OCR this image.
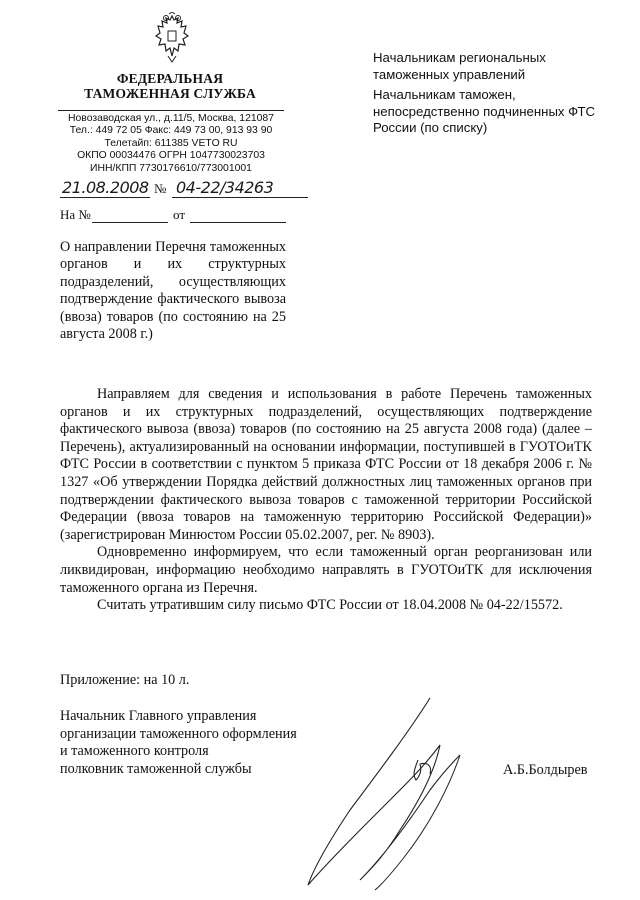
ФЕДЕРАЛЬНАЯ
ТАМОЖЕННАЯ СЛУЖБА
Новозаводская ул., д.11/5, Москва, 121087
Тел.: 449 72 05 Факс: 449 73 00, 913 93 90
Телетайп: 611385 VETO RU
ОКПО 00034476 ОГРН 1047730023703
ИНН/КПП 7730176610/773001001
21.08.2008 № 04-22/34263
На №	от

Начальникам региональных таможенных управлений

Начальникам таможен, непосредственно подчиненных ФТС России (по списку)

О направлении Перечня таможенных органов и их структурных подразделений, осуществляющих подтверждение фактического вывоза (ввоза) товаров (по состоянию на 25 августа 2008 г.)

Направляем для сведения и использования в работе Перечень таможенных органов и их структурных подразделений, осуществляющих подтверждение фактического вывоза (ввоза) товаров (по состоянию на 25 августа 2008 года) (далее – Перечень), актуализированный на основании информации, поступившей в ГУОТОиТК ФТС России в соответствии с пунктом 5 приказа ФТС России от 18 декабря 2006 г. № 1327 «Об утверждении Порядка действий должностных лиц таможенных органов при подтверждении фактического вывоза товаров с таможенной территории Российской Федерации (ввоза товаров на таможенную территорию Российской Федерации)» (зарегистрирован Минюстом России 05.02.2007, рег. № 8903).

Одновременно информируем, что если таможенный орган реорганизован или ликвидирован, информацию необходимо направлять в ГУОТОиТК для исключения таможенного органа из Перечня.

Считать утратившим силу письмо ФТС России от 18.04.2008 № 04-22/15572.

Приложение: на 10 л.
Начальник Главного управления
организации таможенного оформления
и таможенного контроля
полковник таможенной службы	А.Б.Болдырев
